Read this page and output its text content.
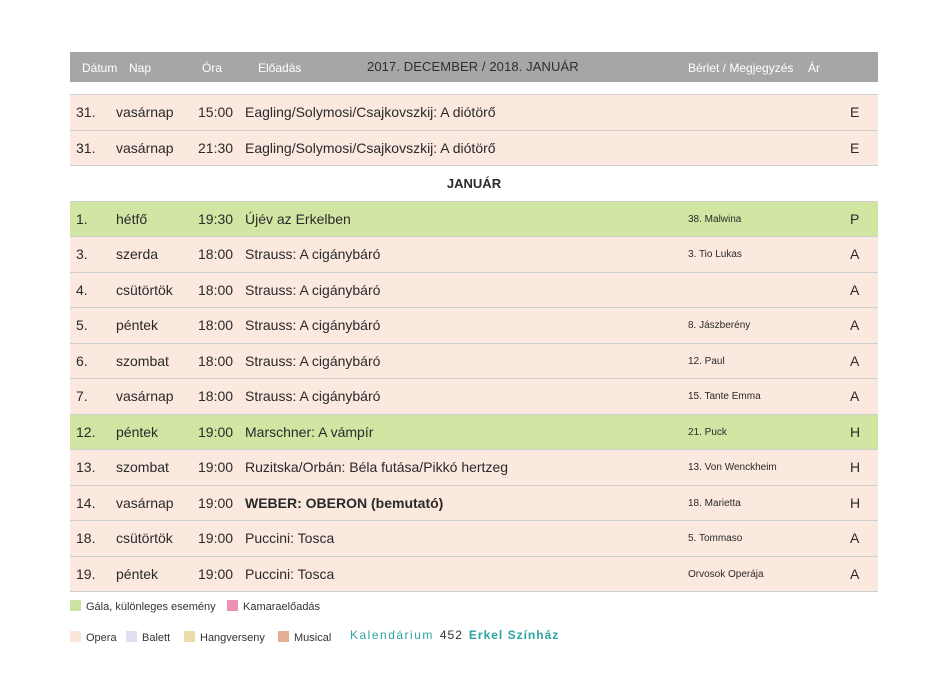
Dátum Nap	Óra	Előadás	2017. DECEMBER / 2018. JANUÁR	Bérlet / Megjegyzés Ár
31. vasárnap 15:00 Eagling/Solymosi/Csajkovszkij: A diótörő	E
31. vasárnap 21:30 Eagling/Solymosi/Csajkovszkij: A diótörő	E
JANUÁR
1. hétfő	19:30 Újév az Erkelben	38. Malwina	P
3. szerda	18:00 Strauss: A cigánybáró	3. Tio Lukas	A
4. csütörtök 18:00 Strauss: A cigánybáró	A
5. péntek	18:00 Strauss: A cigánybáró	8. Jászberény	A
6. szombat 18:00 Strauss: A cigánybáró	12. Paul	A
7. vasárnap 18:00 Strauss: A cigánybáró	15. Tante Emma	A
12. péntek	19:00 Marschner: A vámpír	21. Puck	H
13. szombat 19:00 Ruzitska/Orbán: Béla futása/Pikkó hertzeg	13. Von Wenckheim	H
14. vasárnap 19:00 WEBER: OBERON (bemutató)	18. Marietta	H
18. csütörtök 19:00 Puccini: Tosca	5. Tommaso	A
19. péntek	19:00 Puccini: Tosca	Orvosok Operája	A
Gála, különleges esemény	Kamaraelőadás
Opera	Balett	Hangverseny	Musical Kalendárium 452 Erkel Színház
